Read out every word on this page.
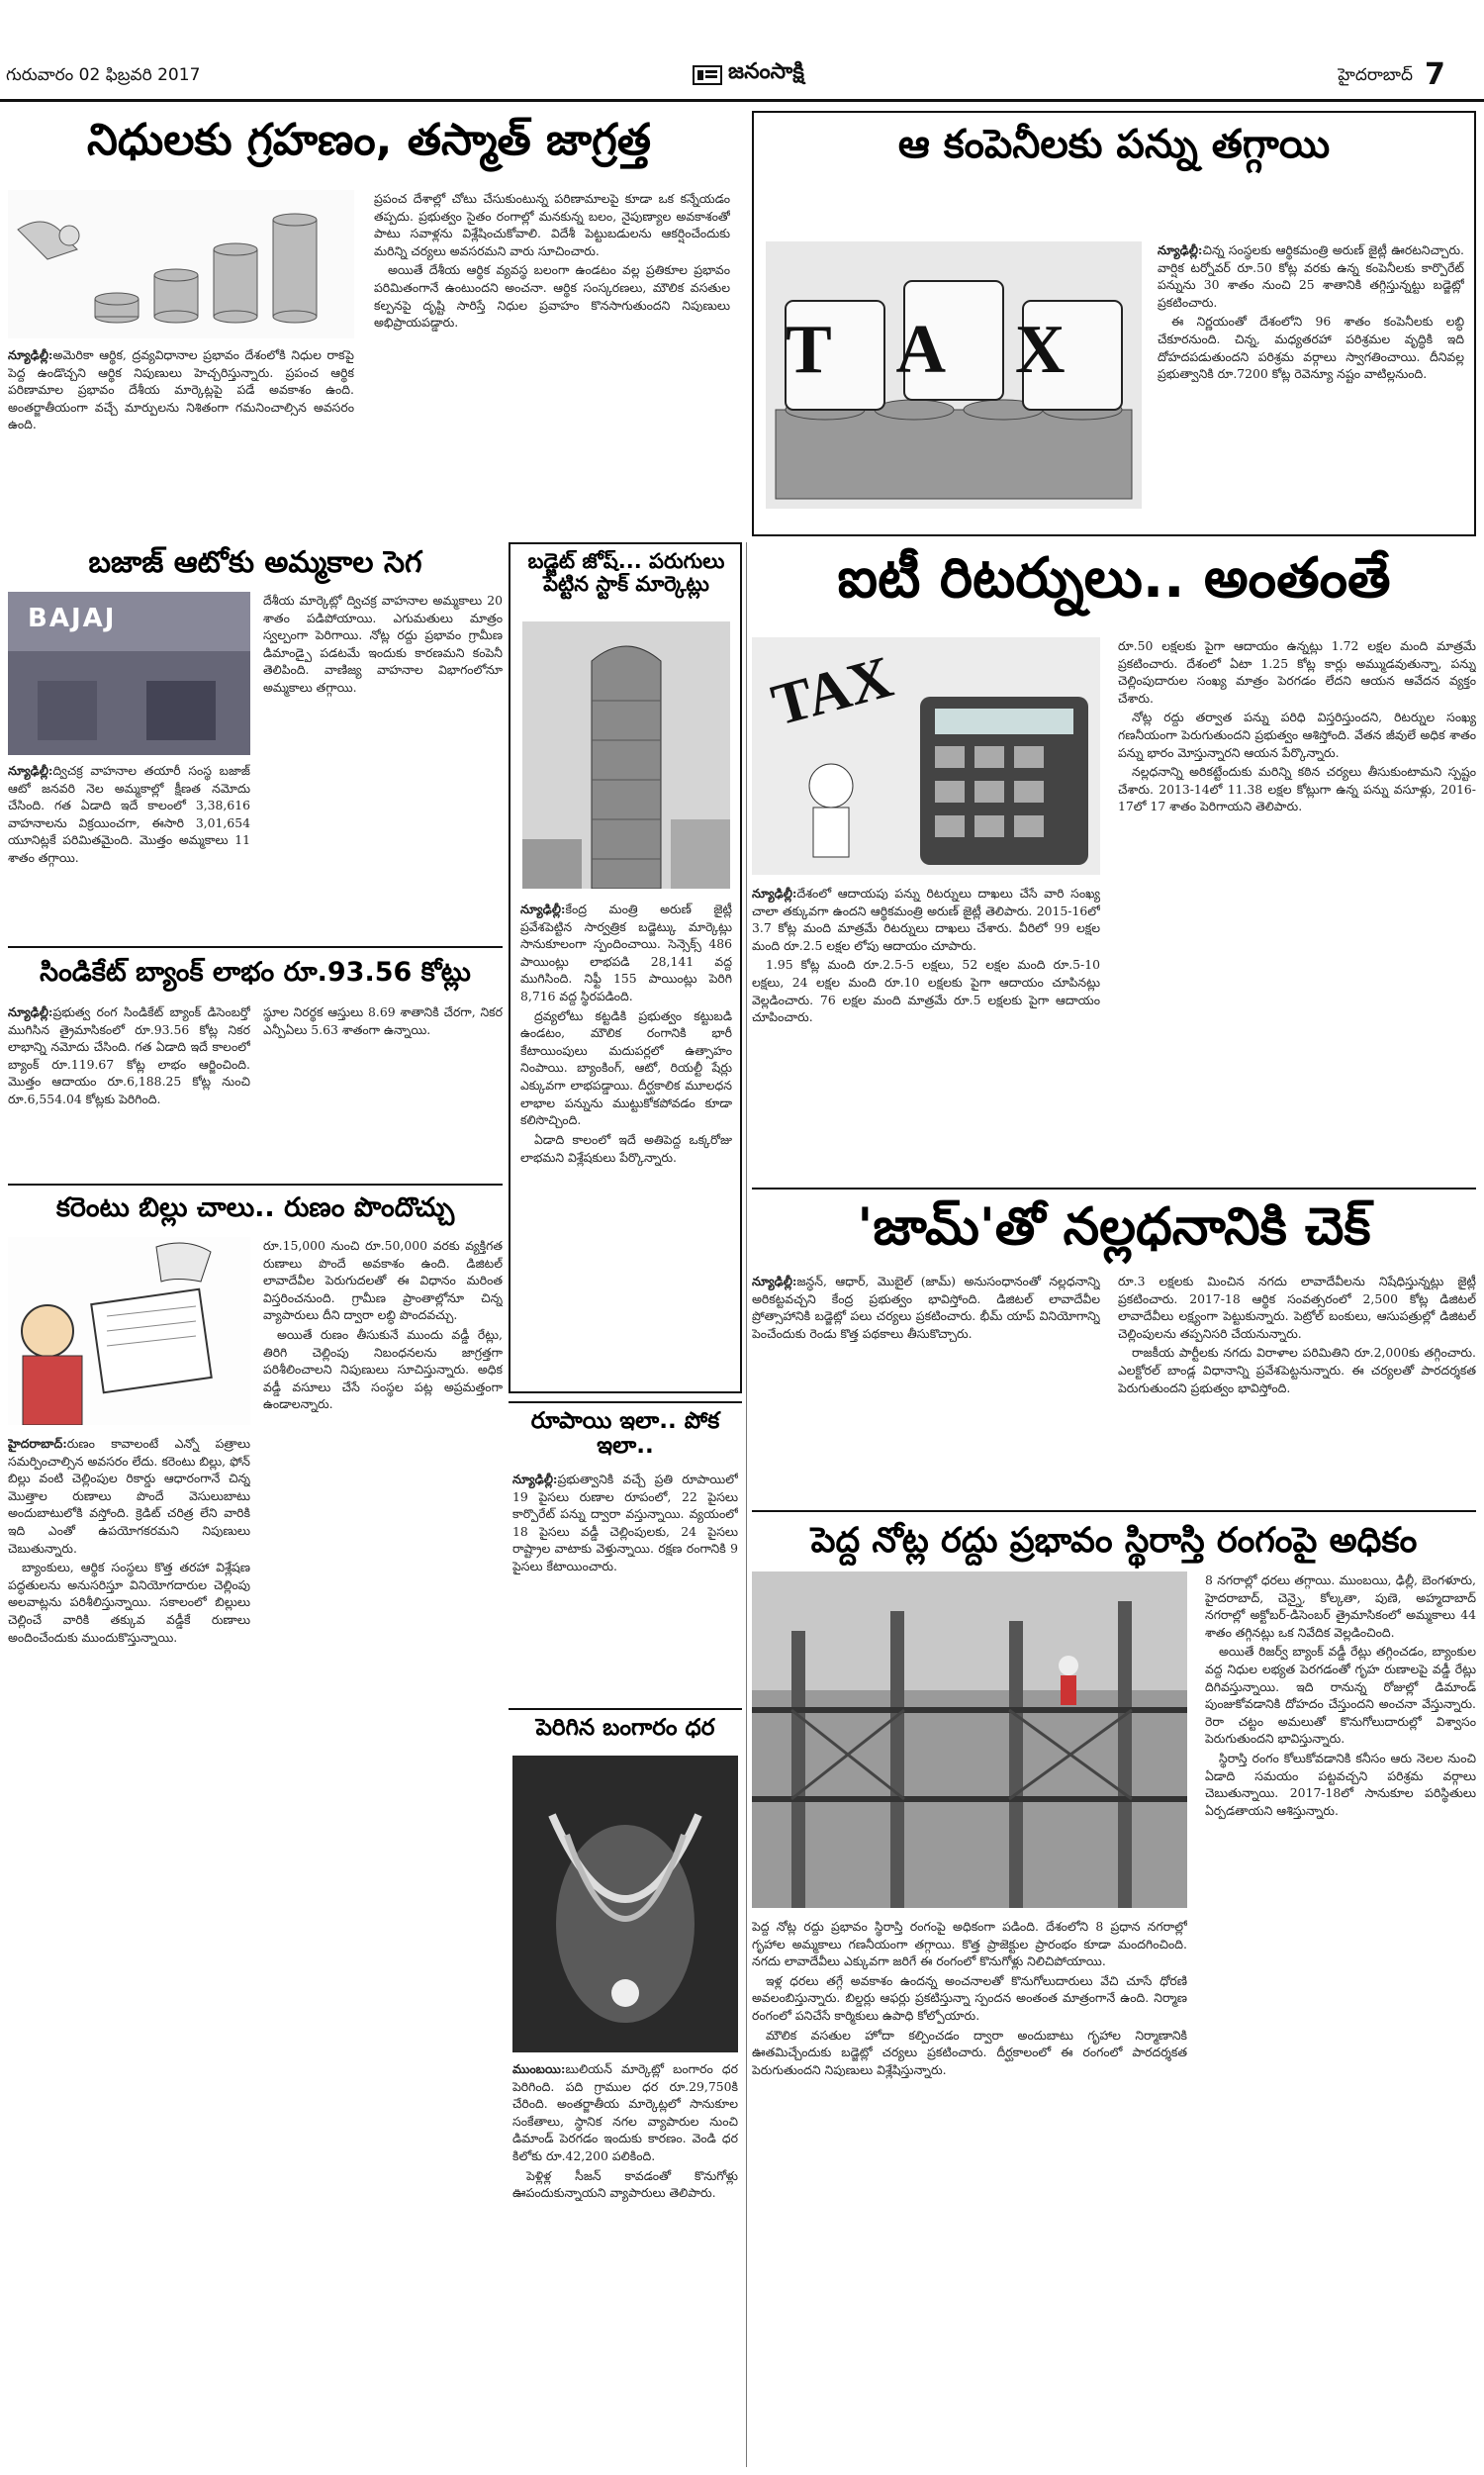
గురువారం 02 ఫిబ్రవరి 2017	జనంసాక్షి	హైదరాబాద్ 7
నిధులకు గ్రహణం, తస్మాత్ జాగ్రత్త

న్యూఢిల్లీ:అమెరికా ఆర్థిక, ద్రవ్యవిధానాల ప్రభావం దేశంలోకి నిధుల రాకపై పెద్ద ఉండొచ్చని ఆర్థిక నిపుణులు హెచ్చరిస్తున్నారు. ప్రపంచ ఆర్థిక పరిణామాల ప్రభావం దేశీయ మార్కెట్లపై పడే అవకాశం ఉంది. అంతర్జాతీయంగా వచ్చే మార్పులను నిశితంగా గమనించాల్సిన అవసరం ఉంది.

ప్రపంచ దేశాల్లో చోటు చేసుకుంటున్న పరిణామాలపై కూడా ఒక కన్నేయడం తప్పదు. ప్రభుత్వం సైతం రంగాల్లో మనకున్న బలం, నైపుణ్యాల అవకాశంతో పాటు సవాళ్లను విశ్లేషించుకోవాలి. విదేశీ పెట్టుబడులను ఆకర్షించేందుకు మరిన్ని చర్యలు అవసరమని వారు సూచించారు.

అయితే దేశీయ ఆర్థిక వ్యవస్థ బలంగా ఉండటం వల్ల ప్రతికూల ప్రభావం పరిమితంగానే ఉంటుందని అంచనా. ఆర్థిక సంస్కరణలు, మౌలిక వసతుల కల్పనపై దృష్టి సారిస్తే నిధుల ప్రవాహం కొనసాగుతుందని నిపుణులు అభిప్రాయపడ్డారు.

ఆ కంపెనీలకు పన్ను తగ్గాయి
TAX

న్యూఢిల్లీ:చిన్న సంస్థలకు ఆర్థికమంత్రి అరుణ్ జైట్లీ ఊరటనిచ్చారు. వార్షిక టర్నోవర్ రూ.50 కోట్ల వరకు ఉన్న కంపెనీలకు కార్పొరేట్ పన్నును 30 శాతం నుంచి 25 శాతానికి తగ్గిస్తున్నట్టు బడ్జెట్లో ప్రకటించారు.

ఈ నిర్ణయంతో దేశంలోని 96 శాతం కంపెనీలకు లబ్ధి చేకూరనుంది. చిన్న, మధ్యతరహా పరిశ్రమల వృద్ధికి ఇది దోహదపడుతుందని పరిశ్రమ వర్గాలు స్వాగతించాయి. దీనివల్ల ప్రభుత్వానికి రూ.7200 కోట్ల రెవెన్యూ నష్టం వాటిల్లనుంది.

బజాజ్ ఆటోకు అమ్మకాల సెగ
BAJAJ

న్యూఢిల్లీ:ద్విచక్ర వాహనాల తయారీ సంస్థ బజాజ్ ఆటో జనవరి నెల అమ్మకాల్లో క్షీణత నమోదు చేసింది. గత ఏడాది ఇదే కాలంలో 3,38,616 వాహనాలను విక్రయించగా, ఈసారి 3,01,654 యూనిట్లకే పరిమితమైంది. మొత్తం అమ్మకాలు 11 శాతం తగ్గాయి.

దేశీయ మార్కెట్లో ద్విచక్ర వాహనాల అమ్మకాలు 20 శాతం పడిపోయాయి. ఎగుమతులు మాత్రం స్వల్పంగా పెరిగాయి. నోట్ల రద్దు ప్రభావం గ్రామీణ డిమాండ్పై పడటమే ఇందుకు కారణమని కంపెనీ తెలిపింది. వాణిజ్య వాహనాల విభాగంలోనూ అమ్మకాలు తగ్గాయి.

బడ్జెట్ జోష్... పరుగులు పెట్టిన స్టాక్ మార్కెట్లు

న్యూఢిల్లీ:కేంద్ర మంత్రి అరుణ్ జైట్లీ ప్రవేశపెట్టిన సార్వత్రిక బడ్జెట్కు మార్కెట్లు సానుకూలంగా స్పందించాయి. సెన్సెక్స్ 486 పాయింట్లు లాభపడి 28,141 వద్ద ముగిసింది. నిఫ్టీ 155 పాయింట్లు పెరిగి 8,716 వద్ద స్థిరపడింది.

ద్రవ్యలోటు కట్టడికి ప్రభుత్వం కట్టుబడి ఉండటం, మౌలిక రంగానికి భారీ కేటాయింపులు మదుపర్లలో ఉత్సాహం నింపాయి. బ్యాంకింగ్, ఆటో, రియల్టీ షేర్లు ఎక్కువగా లాభపడ్డాయి. దీర్ఘకాలిక మూలధన లాభాల పన్నును ముట్టుకోకపోవడం కూడా కలిసొచ్చింది.

ఏడాది కాలంలో ఇదే అతిపెద్ద ఒక్కరోజు లాభమని విశ్లేషకులు పేర్కొన్నారు.

సిండికేట్ బ్యాంక్ లాభం రూ.93.56 కోట్లు

న్యూఢిల్లీ:ప్రభుత్వ రంగ సిండికేట్ బ్యాంక్ డిసెంబర్తో ముగిసిన త్రైమాసికంలో రూ.93.56 కోట్ల నికర లాభాన్ని నమోదు చేసింది. గత ఏడాది ఇదే కాలంలో బ్యాంక్ రూ.119.67 కోట్ల లాభం ఆర్జించింది. మొత్తం ఆదాయం రూ.6,188.25 కోట్ల నుంచి రూ.6,554.04 కోట్లకు పెరిగింది.

స్థూల నిరర్థక ఆస్తులు 8.69 శాతానికి చేరగా, నికర ఎన్పీఏలు 5.63 శాతంగా ఉన్నాయి.

కరెంటు బిల్లు చాలు.. రుణం పొందొచ్చు

హైదరాబాద్:రుణం కావాలంటే ఎన్నో పత్రాలు సమర్పించాల్సిన అవసరం లేదు. కరెంటు బిల్లు, ఫోన్ బిల్లు వంటి చెల్లింపుల రికార్డు ఆధారంగానే చిన్న మొత్తాల రుణాలు పొందే వెసులుబాటు అందుబాటులోకి వస్తోంది. క్రెడిట్ చరిత్ర లేని వారికి ఇది ఎంతో ఉపయోగకరమని నిపుణులు చెబుతున్నారు.

బ్యాంకులు, ఆర్థిక సంస్థలు కొత్త తరహా విశ్లేషణ పద్ధతులను అనుసరిస్తూ వినియోగదారుల చెల్లింపు అలవాట్లను పరిశీలిస్తున్నాయి. సకాలంలో బిల్లులు చెల్లించే వారికి తక్కువ వడ్డీకే రుణాలు అందించేందుకు ముందుకొస్తున్నాయి.

రూ.15,000 నుంచి రూ.50,000 వరకు వ్యక్తిగత రుణాలు పొందే అవకాశం ఉంది. డిజిటల్ లావాదేవీల పెరుగుదలతో ఈ విధానం మరింత విస్తరించనుంది. గ్రామీణ ప్రాంతాల్లోనూ చిన్న వ్యాపారులు దీని ద్వారా లబ్ధి పొందవచ్చు.

అయితే రుణం తీసుకునే ముందు వడ్డీ రేట్లు, తిరిగి చెల్లింపు నిబంధనలను జాగ్రత్తగా పరిశీలించాలని నిపుణులు సూచిస్తున్నారు. అధిక వడ్డీ వసూలు చేసే సంస్థల పట్ల అప్రమత్తంగా ఉండాలన్నారు.

రూపాయి ఇలా.. పోక ఇలా..

న్యూఢిల్లీ:ప్రభుత్వానికి వచ్చే ప్రతి రూపాయిలో 19 పైసలు రుణాల రూపంలో, 22 పైసలు కార్పొరేట్ పన్ను ద్వారా వస్తున్నాయి. వ్యయంలో 18 పైసలు వడ్డీ చెల్లింపులకు, 24 పైసలు రాష్ట్రాల వాటాకు వెళ్తున్నాయి. రక్షణ రంగానికి 9 పైసలు కేటాయించారు.

పెరిగిన బంగారం ధర

ముంబయి:బులియన్ మార్కెట్లో బంగారం ధర పెరిగింది. పది గ్రాముల ధర రూ.29,750కి చేరింది. అంతర్జాతీయ మార్కెట్లలో సానుకూల సంకేతాలు, స్థానిక నగల వ్యాపారుల నుంచి డిమాండ్ పెరగడం ఇందుకు కారణం. వెండి ధర కిలోకు రూ.42,200 పలికింది.

పెళ్లిళ్ల సీజన్ కావడంతో కొనుగోళ్లు ఊపందుకున్నాయని వ్యాపారులు తెలిపారు.

ఐటీ రిటర్నులు.. అంతంతే
TAX

న్యూఢిల్లీ:దేశంలో ఆదాయపు పన్ను రిటర్నులు దాఖలు చేసే వారి సంఖ్య చాలా తక్కువగా ఉందని ఆర్థికమంత్రి అరుణ్ జైట్లీ తెలిపారు. 2015-16లో 3.7 కోట్ల మంది మాత్రమే రిటర్నులు దాఖలు చేశారు. వీరిలో 99 లక్షల మంది రూ.2.5 లక్షల లోపు ఆదాయం చూపారు.

1.95 కోట్ల మంది రూ.2.5-5 లక్షలు, 52 లక్షల మంది రూ.5-10 లక్షలు, 24 లక్షల మంది రూ.10 లక్షలకు పైగా ఆదాయం చూపినట్లు వెల్లడించారు. 76 లక్షల మంది మాత్రమే రూ.5 లక్షలకు పైగా ఆదాయం చూపించారు.

రూ.50 లక్షలకు పైగా ఆదాయం ఉన్నట్లు 1.72 లక్షల మంది మాత్రమే ప్రకటించారు. దేశంలో ఏటా 1.25 కోట్ల కార్లు అమ్ముడవుతున్నా, పన్ను చెల్లింపుదారుల సంఖ్య మాత్రం పెరగడం లేదని ఆయన ఆవేదన వ్యక్తం చేశారు.

నోట్ల రద్దు తర్వాత పన్ను పరిధి విస్తరిస్తుందని, రిటర్నుల సంఖ్య గణనీయంగా పెరుగుతుందని ప్రభుత్వం ఆశిస్తోంది. వేతన జీవులే అధిక శాతం పన్ను భారం మోస్తున్నారని ఆయన పేర్కొన్నారు.

నల్లధనాన్ని అరికట్టేందుకు మరిన్ని కఠిన చర్యలు తీసుకుంటామని స్పష్టం చేశారు. 2013-14లో 11.38 లక్షల కోట్లుగా ఉన్న పన్ను వసూళ్లు, 2016-17లో 17 శాతం పెరిగాయని తెలిపారు.

'జామ్'తో నల్లధనానికి చెక్

న్యూఢిల్లీ:జన్ధన్, ఆధార్, మొబైల్ (జామ్) అనుసంధానంతో నల్లధనాన్ని అరికట్టవచ్చని కేంద్ర ప్రభుత్వం భావిస్తోంది. డిజిటల్ లావాదేవీల ప్రోత్సాహానికి బడ్జెట్లో పలు చర్యలు ప్రకటించారు. భీమ్ యాప్ వినియోగాన్ని పెంచేందుకు రెండు కొత్త పథకాలు తీసుకొచ్చారు.

రూ.3 లక్షలకు మించిన నగదు లావాదేవీలను నిషేధిస్తున్నట్లు జైట్లీ ప్రకటించారు. 2017-18 ఆర్థిక సంవత్సరంలో 2,500 కోట్ల డిజిటల్ లావాదేవీలు లక్ష్యంగా పెట్టుకున్నారు. పెట్రోల్ బంకులు, ఆసుపత్రుల్లో డిజిటల్ చెల్లింపులను తప్పనిసరి చేయనున్నారు.

రాజకీయ పార్టీలకు నగదు విరాళాల పరిమితిని రూ.2,000కు తగ్గించారు. ఎలక్టోరల్ బాండ్ల విధానాన్ని ప్రవేశపెట్టనున్నారు. ఈ చర్యలతో పారదర్శకత పెరుగుతుందని ప్రభుత్వం భావిస్తోంది.

పెద్ద నోట్ల రద్దు ప్రభావం స్థిరాస్తి రంగంపై అధికం

పెద్ద నోట్ల రద్దు ప్రభావం స్థిరాస్తి రంగంపై అధికంగా పడింది. దేశంలోని 8 ప్రధాన నగరాల్లో గృహాల అమ్మకాలు గణనీయంగా తగ్గాయి. కొత్త ప్రాజెక్టుల ప్రారంభం కూడా మందగించింది. నగదు లావాదేవీలు ఎక్కువగా జరిగే ఈ రంగంలో కొనుగోళ్లు నిలిచిపోయాయి.

ఇళ్ల ధరలు తగ్గే అవకాశం ఉందన్న అంచనాలతో కొనుగోలుదారులు వేచి చూసే ధోరణి అవలంబిస్తున్నారు. బిల్డర్లు ఆఫర్లు ప్రకటిస్తున్నా స్పందన అంతంత మాత్రంగానే ఉంది. నిర్మాణ రంగంలో పనిచేసే కార్మికులు ఉపాధి కోల్పోయారు.

మౌలిక వసతుల హోదా కల్పించడం ద్వారా అందుబాటు గృహాల నిర్మాణానికి ఊతమిచ్చేందుకు బడ్జెట్లో చర్యలు ప్రకటించారు. దీర్ఘకాలంలో ఈ రంగంలో పారదర్శకత పెరుగుతుందని నిపుణులు విశ్లేషిస్తున్నారు.

8 నగరాల్లో ధరలు తగ్గాయి. ముంబయి, ఢిల్లీ, బెంగళూరు, హైదరాబాద్, చెన్నై, కోల్కతా, పుణె, అహ్మదాబాద్ నగరాల్లో అక్టోబర్-డిసెంబర్ త్రైమాసికంలో అమ్మకాలు 44 శాతం తగ్గినట్లు ఒక నివేదిక వెల్లడించింది.

అయితే రిజర్వ్ బ్యాంక్ వడ్డీ రేట్లు తగ్గించడం, బ్యాంకుల వద్ద నిధుల లభ్యత పెరగడంతో గృహ రుణాలపై వడ్డీ రేట్లు దిగివస్తున్నాయి. ఇది రానున్న రోజుల్లో డిమాండ్ పుంజుకోవడానికి దోహదం చేస్తుందని అంచనా వేస్తున్నారు. రెరా చట్టం అమలుతో కొనుగోలుదారుల్లో విశ్వాసం పెరుగుతుందని భావిస్తున్నారు.

స్థిరాస్తి రంగం కోలుకోవడానికి కనీసం ఆరు నెలల నుంచి ఏడాది సమయం పట్టవచ్చని పరిశ్రమ వర్గాలు చెబుతున్నాయి. 2017-18లో సానుకూల పరిస్థితులు ఏర్పడతాయని ఆశిస్తున్నారు.
